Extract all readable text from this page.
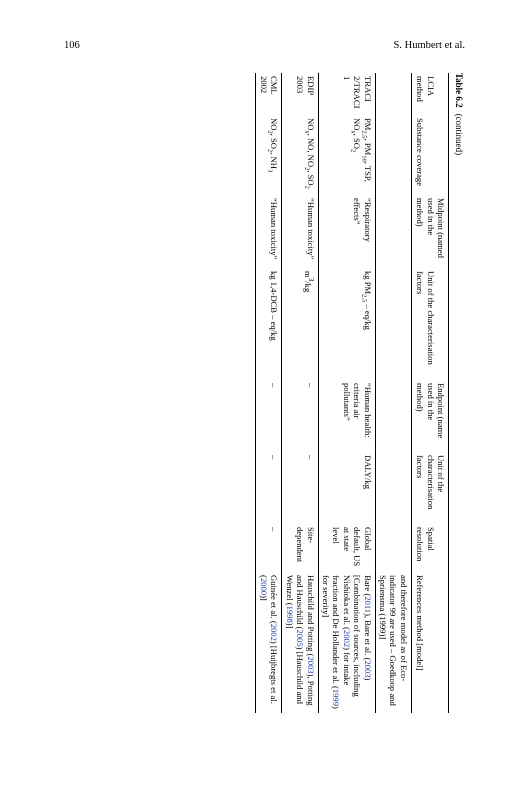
106	S. Humbert et al.
Table 6.2(continued)
LCIA method	Substance coverage	Midpoint (named used in the method)	Unit of the characterisation factors	Endpoint (name used in the method)	Unit of the characterisation factors	Spatial resolution	References method [model]
							and therefore model as of Eco-indicator 99 are used – Goedkoop and Spriensma (1999)]
TRACI 2/TRACI 1	$PM_{2.5}$, $PM_{10}$, TSP, $NO_x$, $SO_2$	“Respiratory effects”	kg $PM_{2.5} - eq/kg$	“Human health: criteria air pollutants”	DALY/kg	Global default, US at state level	Bare (2011), Bare et al. (2003) [Combination of sources, including Nishioka et al. (2002) for intake fraction and De Hollander et al. (1999) for severity]
EDIP 2003	$NO_x$, NO, $NO_2$, $SO_2$	“Human toxicity”	$m^3/kg$	–	–	Site-dependent	Hauschild and Potting (2003), Potting and Hauschild (2005) [Hauschild and Wenzel (1998)]
CML 2002	$NO_2$, $SO_2$, $NH_3$	“Human toxicity”	kg 1,4-DCB – eq/kg	–	–	–	Guinée et al. (2002) [Huijbregts et al. (2000)]
